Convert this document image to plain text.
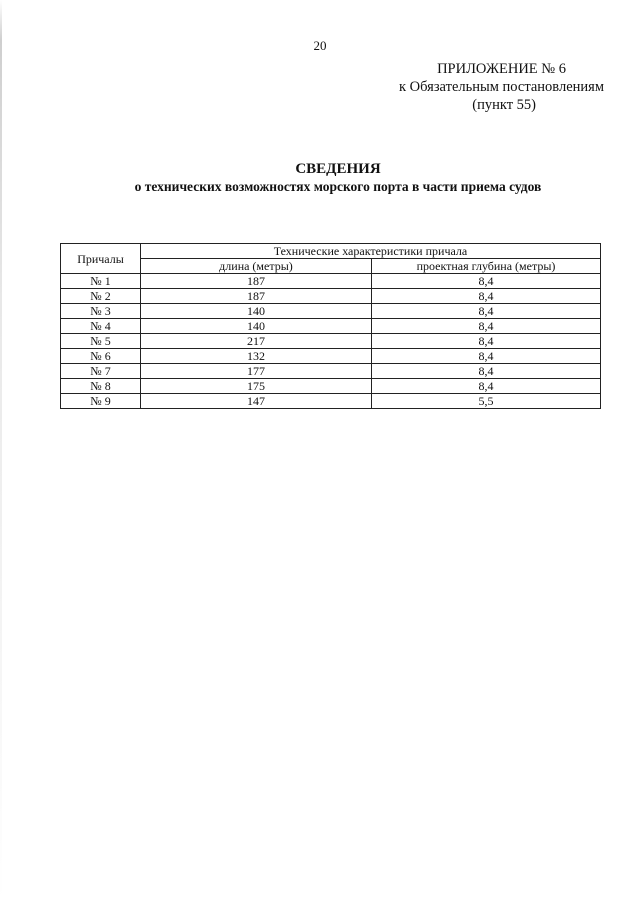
20
ПРИЛОЖЕНИЕ № 6
к Обязательным постановлениям
(пункт 55)
СВЕДЕНИЯ
о технических возможностях морского порта в части приема судов
Причалы	Технические характеристики причала	
	длина (метры)	проектная глубина (метры)
№ 1	187	8,4
№ 2	187	8,4
№ 3	140	8,4
№ 4	140	8,4
№ 5	217	8,4
№ 6	132	8,4
№ 7	177	8,4
№ 8	175	8,4
№ 9	147	5,5
